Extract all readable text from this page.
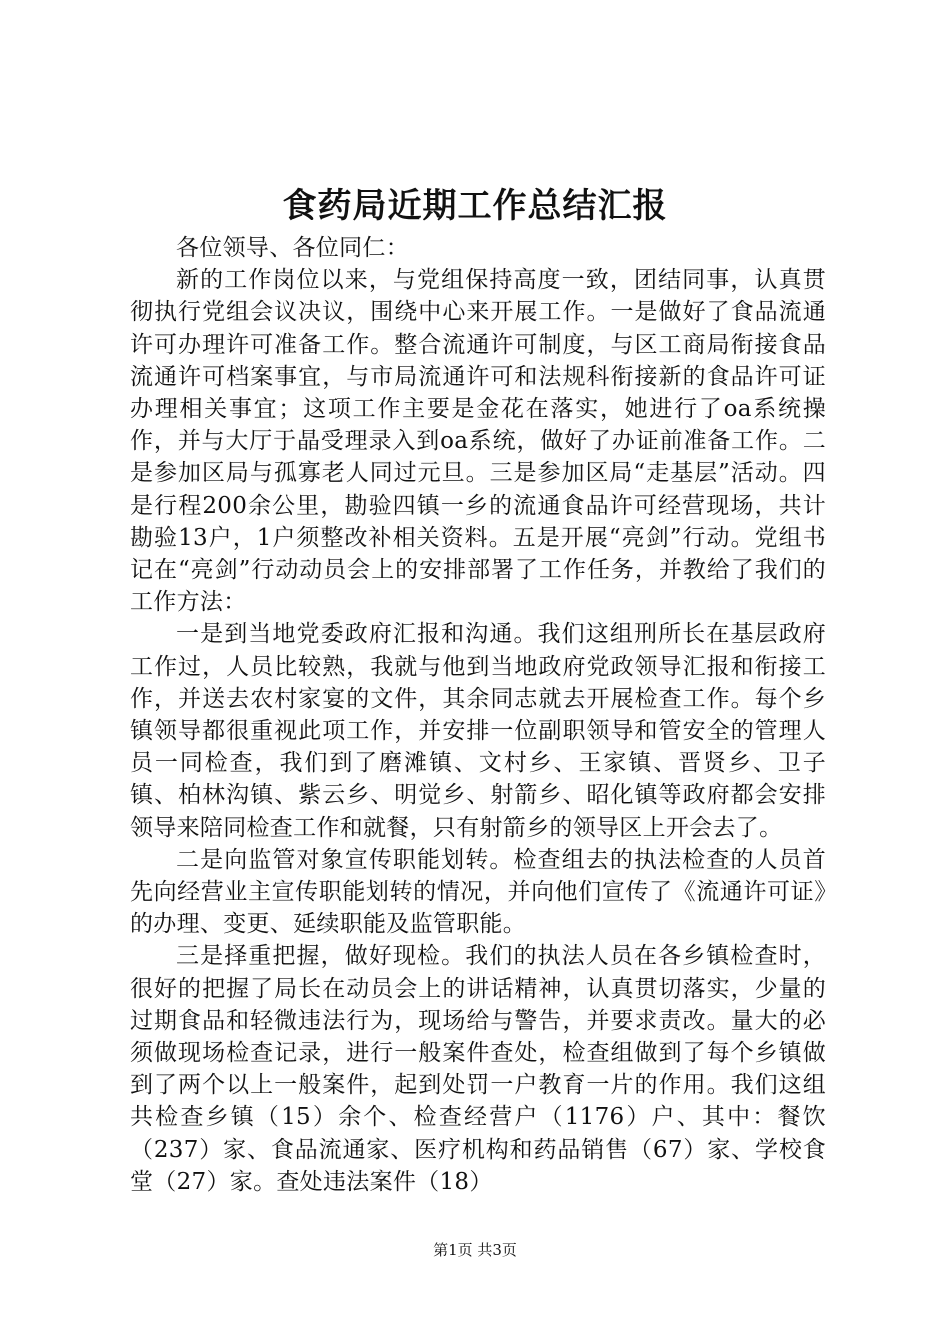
食药局近期工作总结汇报

各位领导、各位同仁：

新的工作岗位以来，与党组保持高度一致，团结同事，认真贯彻执行党组会议决议，围绕中心来开展工作。一是做好了食品流通许可办理许可准备工作。整合流通许可制度，与区工商局衔接食品流通许可档案事宜，与市局流通许可和法规科衔接新的食品许可证办理相关事宜；这项工作主要是金花在落实，她进行了oa系统操作，并与大厅于晶受理录入到oa系统，做好了办证前准备工作。二是参加区局与孤寡老人同过元旦。三是参加区局“走基层”活动。四是行程200余公里，勘验四镇一乡的流通食品许可经营现场，共计勘验13户，1户须整改补相关资料。五是开展“亮剑”行动。党组书记在“亮剑”行动动员会上的安排部署了工作任务，并教给了我们的工作方法：

一是到当地党委政府汇报和沟通。我们这组刑所长在基层政府工作过，人员比较熟，我就与他到当地政府党政领导汇报和衔接工作，并送去农村家宴的文件，其余同志就去开展检查工作。每个乡镇领导都很重视此项工作，并安排一位副职领导和管安全的管理人员一同检查，我们到了磨滩镇、文村乡、王家镇、晋贤乡、卫子镇、柏林沟镇、紫云乡、明觉乡、射箭乡、昭化镇等政府都会安排领导来陪同检查工作和就餐，只有射箭乡的领导区上开会去了。

二是向监管对象宣传职能划转。检查组去的执法检查的人员首先向经营业主宣传职能划转的情况，并向他们宣传了《流通许可证》的办理、变更、延续职能及监管职能。

三是择重把握，做好现检。我们的执法人员在各乡镇检查时，很好的把握了局长在动员会上的讲话精神，认真贯切落实，少量的过期食品和轻微违法行为，现场给与警告，并要求责改。量大的必须做现场检查记录，进行一般案件查处，检查组做到了每个乡镇做到了两个以上一般案件，起到处罚一户教育一片的作用。我们这组共检查乡镇（15）余个、检查经营户（1176）户、其中：餐饮（237）家、食品流通家、医疗机构和药品销售（67）家、学校食堂（27）家。查处违法案件（18）

第1页 共3页
